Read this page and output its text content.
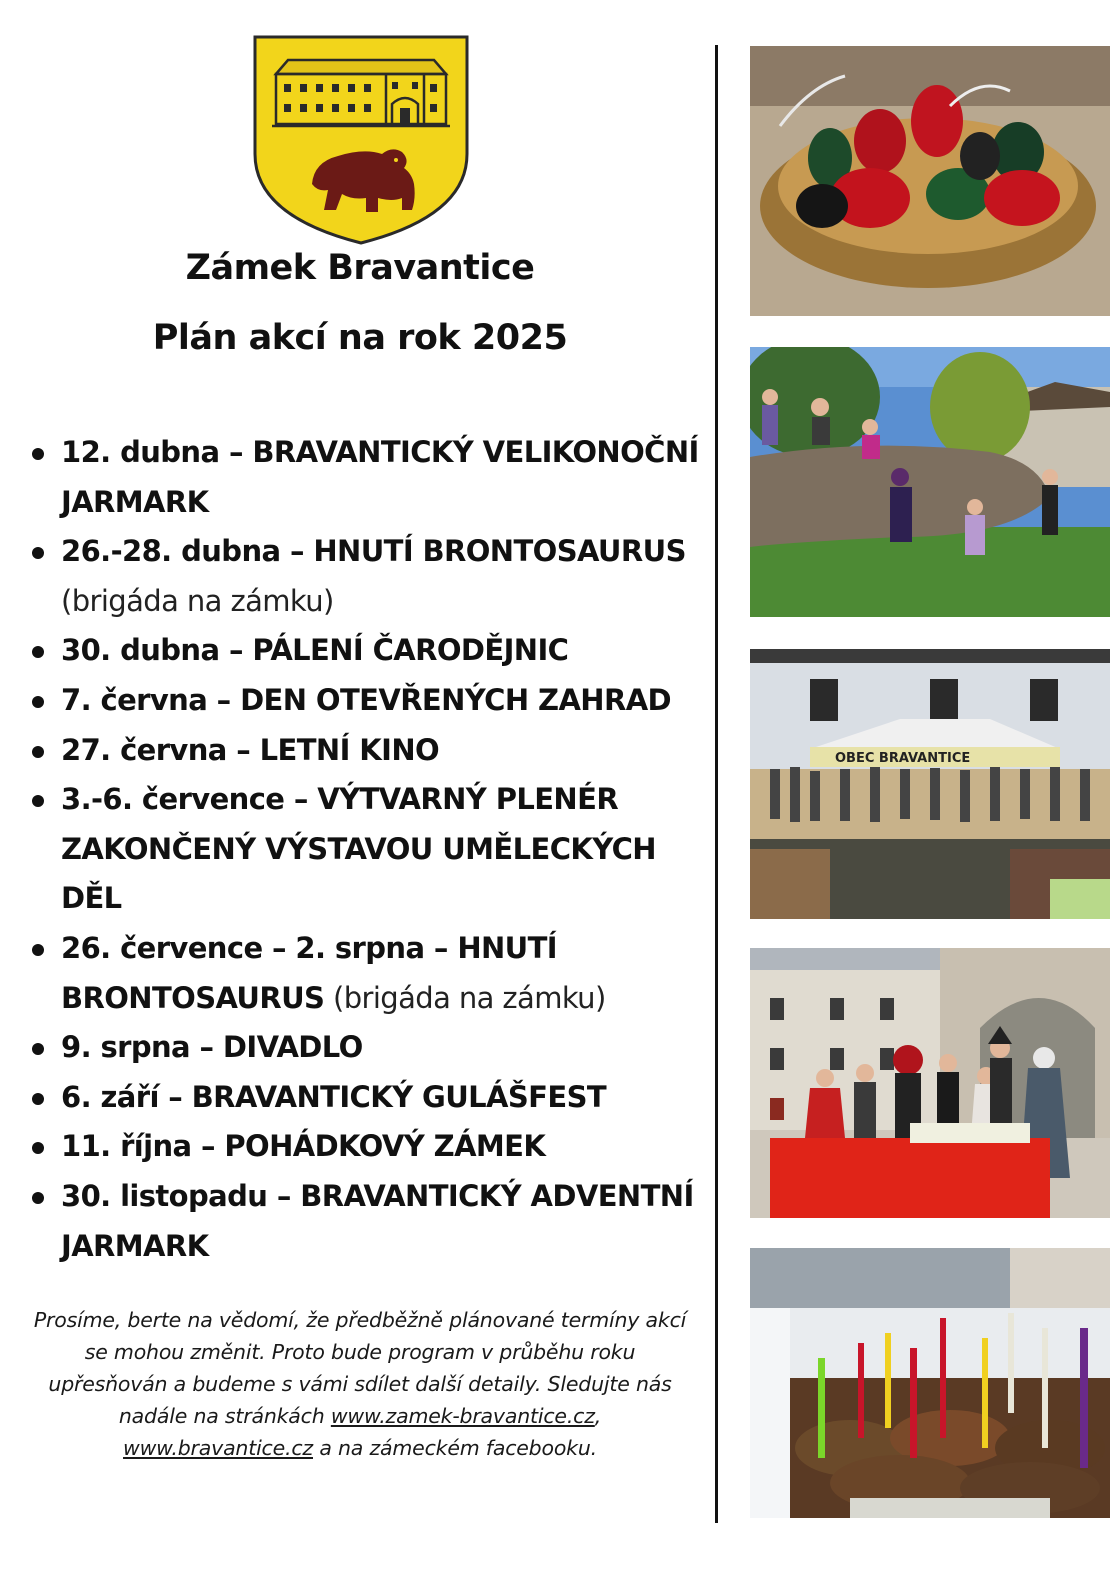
Zámek Bravantice
Plán akcí na rok 2025
12. dubna – BRAVANTICKÝ VELIKONOČNÍ JARMARK
26.-28. dubna – HNUTÍ BRONTOSAURUS
(brigáda na zámku)
30. dubna – PÁLENÍ ČARODĚJNIC
7. června – DEN OTEVŘENÝCH ZAHRAD
27. června – LETNÍ KINO
3.-6. července – VÝTVARNÝ PLENÉR ZAKONČENÝ VÝSTAVOU UMĚLECKÝCH DĚL
26. července – 2. srpna – HNUTÍ BRONTOSAURUS (brigáda na zámku)
9. srpna – DIVADLO
6. září – BRAVANTICKÝ GULÁŠFEST
11. října – POHÁDKOVÝ ZÁMEK
30. listopadu – BRAVANTICKÝ ADVENTNÍ JARMARK
Prosíme, berte na vědomí, že předběžně plánované termíny akcí se mohou změnit. Proto bude program v průběhu roku upřesňován a budeme s vámi sdílet další detaily. Sledujte nás nadále na stránkách www.zamek-bravantice.cz, www.bravantice.cz a na zámeckém facebooku.
OBEC BRAVANTICE
